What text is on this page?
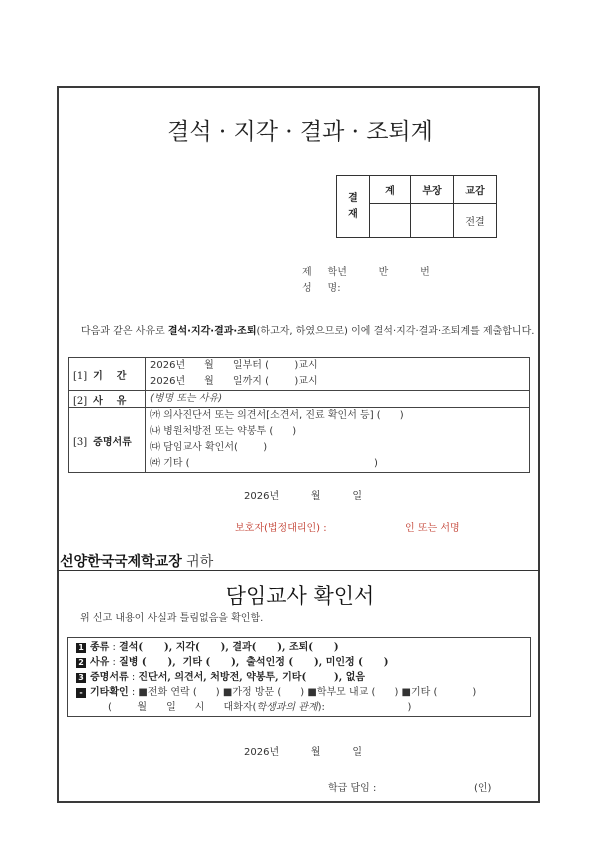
결석 · 지각 · 결과 · 조퇴계
결
재	계	부장	교감
			전결
제     학년          반          번
성     명:
다음과 같은 사유로 결석·지각·결과·조퇴(하고자, 하였으므로) 이에 결석·지각·결과·조퇴계를 제출합니다.
[1] 기    간	2026년      월      일부터 (        )교시
2026년      월      일까지 (        )교시

[2] 사    유	(병명 또는 사유)

[3] 증명서류	㈎ 의사진단서 또는 의견서[소견서, 진료 확인서 등] (      )
㈏ 병원처방전 또는 약봉투 (      )
㈐ 담임교사 확인서(        )
㈑ 기타 (                                                          )
2026년          월          일
보호자(법정대리인) :	인 또는 서명
선양한국국제학교장 귀하
담임교사 확인서
위 신고 내용이 사실과 틀림없음을 확인함.
1 종류 : 결석(      ), 지각(      ), 결과(      ), 조퇴(      )
2 사유 : 질병 (      ),  기타 (      ),  출석인정 (      ), 미인정 (      )
3 증명서류 : 진단서, 의견서, 처방전, 약봉투, 기타(        ), 없음
- 기타확인 : ■전화 연락 (      ) ■가정 방문 (      ) ■학부모 내교 (      ) ■기타 (           )
(        월      일      시      대화자(학생과의 관계):                          )
2026년          월          일
학급 담임 :	(인)
